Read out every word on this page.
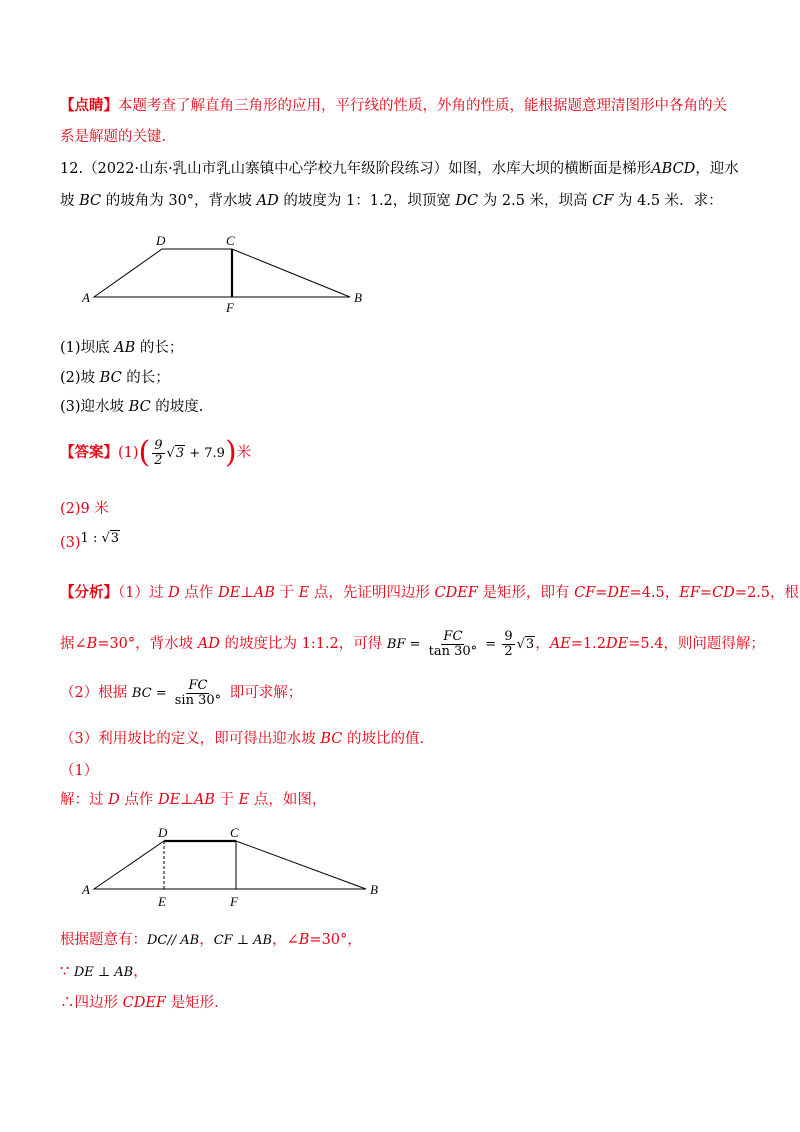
【点睛】本题考查了解直角三角形的应用，平行线的性质，外角的性质，能根据题意理清图形中各角的关
系是解题的关键.
12.（2022·山东·乳山市乳山寨镇中心学校九年级阶段练习）如图，水库大坝的横断面是梯形ABCD，迎水
坡 BC 的坡角为 30°，背水坡 AD 的坡度为 1：1.2，坝顶宽 DC 为 2.5 米，坝高 CF 为 4.5 米．求：
A
D	C
F
B
(1)坝底 AB 的长；
(2)坡 BC 的长；
(3)迎水坡 BC 的坡度.
【答案】$(1)( \frac{9}{2} √3 + 7.9)$米
(2)9 米
(3)1 : √3
【分析】（1）过 D 点作 DE⊥AB 于 E 点，先证明四边形 CDEF 是矩形，即有 CF=DE=4.5，EF=CD=2.5，根
据∠B=30°，背水坡 AD 的坡度比为 1:1.2，可得 BF = $\frac{FC}{\tan 30^\circ} = \frac{9}{2} √3$，AE=1.2DE=5.4，则问题得解；
（2）根据 BC = $\frac{FC}{\sin 30^\circ}$ 即可求解；
（3）利用坡比的定义，即可得出迎水坡 BC 的坡比的值.
（1）
解：过 D 点作 DE⊥AB 于 E 点，如图，
A
D	C
E	F
B
根据题意有：DC// AB，CF ⊥ AB，∠B=30°，
∵ DE ⊥ AB，
∴四边形 CDEF 是矩形.
